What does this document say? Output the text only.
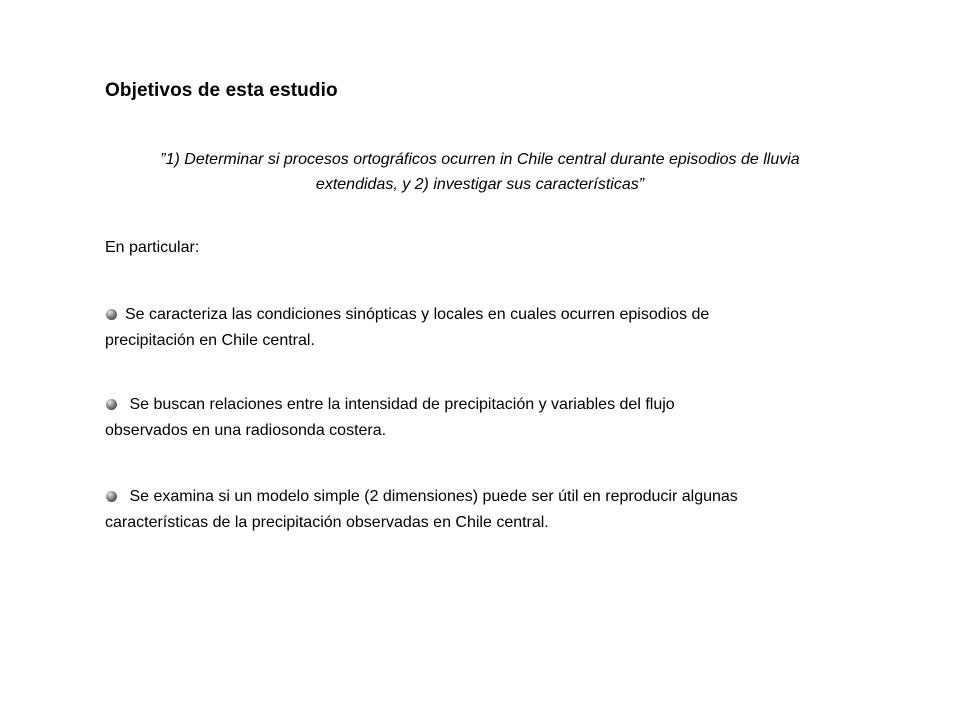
Objetivos de esta estudio
”1) Determinar si procesos ortográficos ocurren in Chile central durante episodios de lluvia
extendidas, y 2) investigar sus características”
En particular:
Se caracteriza las condiciones sinópticas y locales en cuales ocurren episodios de
precipitación en Chile central.
Se buscan relaciones entre la intensidad de precipitación y variables del flujo
observados en una radiosonda costera.
Se examina si un modelo simple (2 dimensiones) puede ser útil en reproducir algunas
características de la precipitación observadas en Chile central.
